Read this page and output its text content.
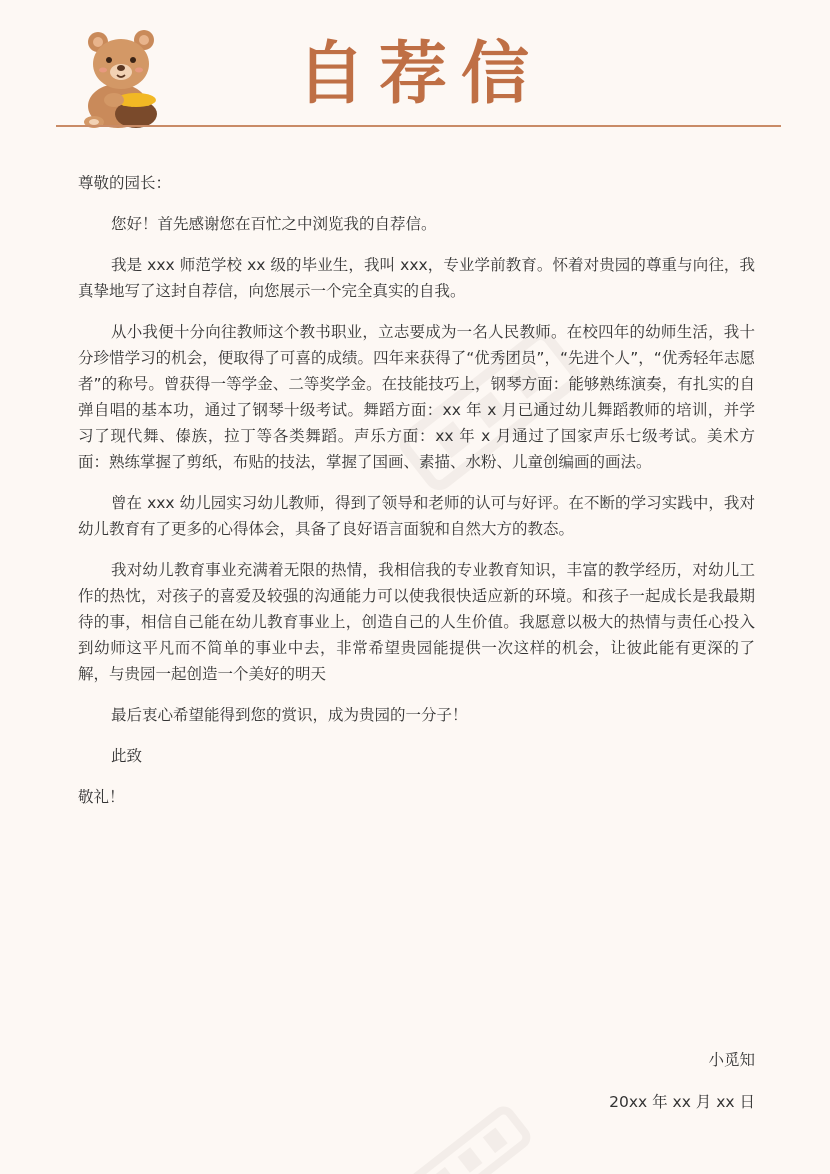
自荐信

尊敬的园长：

您好！首先感谢您在百忙之中浏览我的自荐信。

我是 xxx 师范学校 xx 级的毕业生，我叫 xxx，专业学前教育。怀着对贵园的尊重与向往，我真挚地写了这封自荐信，向您展示一个完全真实的自我。

从小我便十分向往教师这个教书职业，立志要成为一名人民教师。在校四年的幼师生活，我十分珍惜学习的机会，便取得了可喜的成绩。四年来获得了“优秀团员”，“先进个人”，“优秀轻年志愿者”的称号。曾获得一等学金、二等奖学金。在技能技巧上，钢琴方面：能够熟练演奏，有扎实的自弹自唱的基本功，通过了钢琴十级考试。舞蹈方面：xx 年 x 月已通过幼儿舞蹈教师的培训，并学习了现代舞、傣族，拉丁等各类舞蹈。声乐方面：xx 年 x 月通过了国家声乐七级考试。美术方面：熟练掌握了剪纸，布贴的技法，掌握了国画、素描、水粉、儿童创编画的画法。

曾在 xxx 幼儿园实习幼儿教师，得到了领导和老师的认可与好评。在不断的学习实践中，我对幼儿教育有了更多的心得体会，具备了良好语言面貌和自然大方的教态。

我对幼儿教育事业充满着无限的热情，我相信我的专业教育知识，丰富的教学经历，对幼儿工作的热忱，对孩子的喜爱及较强的沟通能力可以使我很快适应新的环境。和孩子一起成长是我最期待的事，相信自己能在幼儿教育事业上，创造自己的人生价值。我愿意以极大的热情与责任心投入到幼师这平凡而不简单的事业中去，非常希望贵园能提供一次这样的机会，让彼此能有更深的了解，与贵园一起创造一个美好的明天

最后衷心希望能得到您的赏识，成为贵园的一分子！

此致

敬礼！

小觅知
20xx 年 xx 月 xx 日
